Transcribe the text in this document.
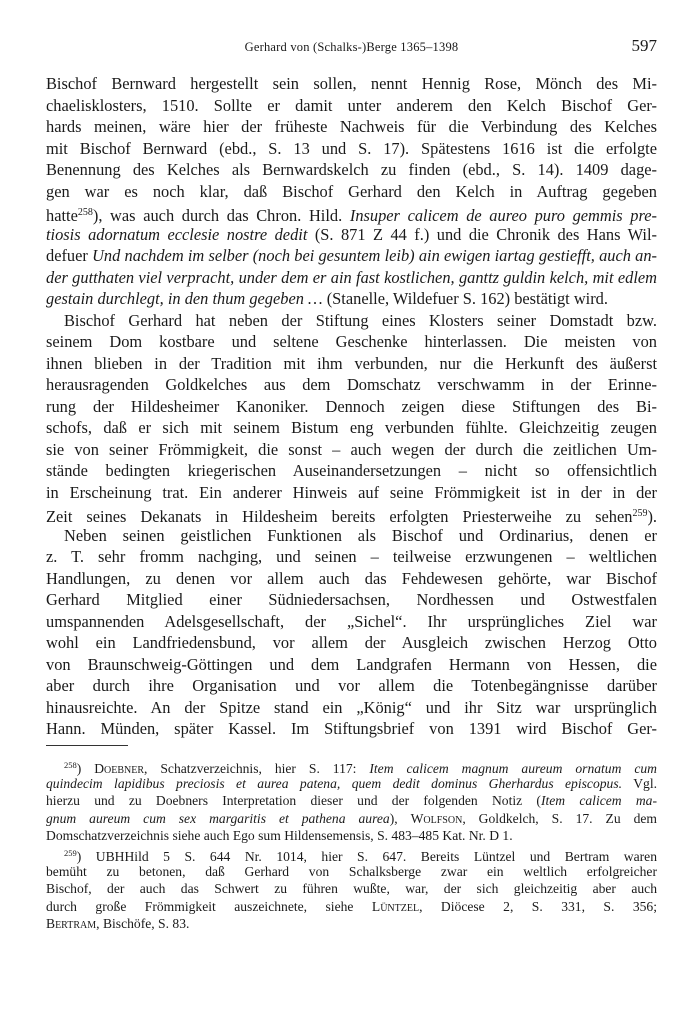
Gerhard von (Schalks-)Berge 1365–1398	597
Bischof Bernward hergestellt sein sollen, nennt Hennig Rose, Mönch des Mi-
chaelisklosters, 1510. Sollte er damit unter anderem den Kelch Bischof Ger-
hards meinen, wäre hier der früheste Nachweis für die Verbindung des Kelches
mit Bischof Bernward (ebd., S. 13 und S. 17). Spätestens 1616 ist die erfolgte
Benennung des Kelches als Bernwardskelch zu finden (ebd., S. 14). 1409 dage-
gen war es noch klar, daß Bischof Gerhard den Kelch in Auftrag gegeben
hatte$^{258}$), was auch durch das Chron. Hild. Insuper calicem de aureo puro gemmis pre-
tiosis adornatum ecclesie nostre dedit (S. 871 Z 44 f.) und die Chronik des Hans Wil-
defuer Und nachdem im selber (noch bei gesuntem leib) ain ewigen iartag gestiefft, auch an-
der gutthaten viel verpracht, under dem er ain fast kostlichen, ganttz guldin kelch, mit edlem
gestain durchlegt, in den thum gegeben … (Stanelle, Wildefuer S. 162) bestätigt wird.
Bischof Gerhard hat neben der Stiftung eines Klosters seiner Domstadt bzw.
seinem Dom kostbare und seltene Geschenke hinterlassen. Die meisten von
ihnen blieben in der Tradition mit ihm verbunden, nur die Herkunft des äußerst
herausragenden Goldkelches aus dem Domschatz verschwamm in der Erinne-
rung der Hildesheimer Kanoniker. Dennoch zeigen diese Stiftungen des Bi-
schofs, daß er sich mit seinem Bistum eng verbunden fühlte. Gleichzeitig zeugen
sie von seiner Frömmigkeit, die sonst – auch wegen der durch die zeitlichen Um-
stände bedingten kriegerischen Auseinandersetzungen – nicht so offensichtlich
in Erscheinung trat. Ein anderer Hinweis auf seine Frömmigkeit ist in der in der
Zeit seines Dekanats in Hildesheim bereits erfolgten Priesterweihe zu sehen$^{259}$).
Neben seinen geistlichen Funktionen als Bischof und Ordinarius, denen er
z. T. sehr fromm nachging, und seinen – teilweise erzwungenen – weltlichen
Handlungen, zu denen vor allem auch das Fehdewesen gehörte, war Bischof
Gerhard Mitglied einer Südniedersachsen, Nordhessen und Ostwestfalen
umspannenden Adelsgesellschaft, der „Sichel“. Ihr ursprüngliches Ziel war
wohl ein Landfriedensbund, vor allem der Ausgleich zwischen Herzog Otto
von Braunschweig-Göttingen und dem Landgrafen Hermann von Hessen, die
aber durch ihre Organisation und vor allem die Totenbegängnisse darüber
hinausreichte. An der Spitze stand ein „König“ und ihr Sitz war ursprünglich
Hann. Münden, später Kassel. Im Stiftungsbrief von 1391 wird Bischof Ger-
$^{258}$) Doebner, Schatzverzeichnis, hier S. 117: Item calicem magnum aureum ornatum cum
quindecim lapidibus preciosis et aurea patena, quem dedit dominus Gherhardus episcopus. Vgl.
hierzu und zu Doebners Interpretation dieser und der folgenden Notiz (Item calicem ma-
gnum aureum cum sex margaritis et pathena aurea), Wolfson, Goldkelch, S. 17. Zu dem
Domschatzverzeichnis siehe auch Ego sum Hildensemensis, S. 483–485 Kat. Nr. D 1.
$^{259}$) UBHHild 5 S. 644 Nr. 1014, hier S. 647. Bereits Lüntzel und Bertram waren
bemüht zu betonen, daß Gerhard von Schalksberge zwar ein weltlich erfolgreicher
Bischof, der auch das Schwert zu führen wußte, war, der sich gleichzeitig aber auch
durch große Frömmigkeit auszeichnete, siehe Lüntzel, Diöcese 2, S. 331, S. 356;
Bertram, Bischöfe, S. 83.
